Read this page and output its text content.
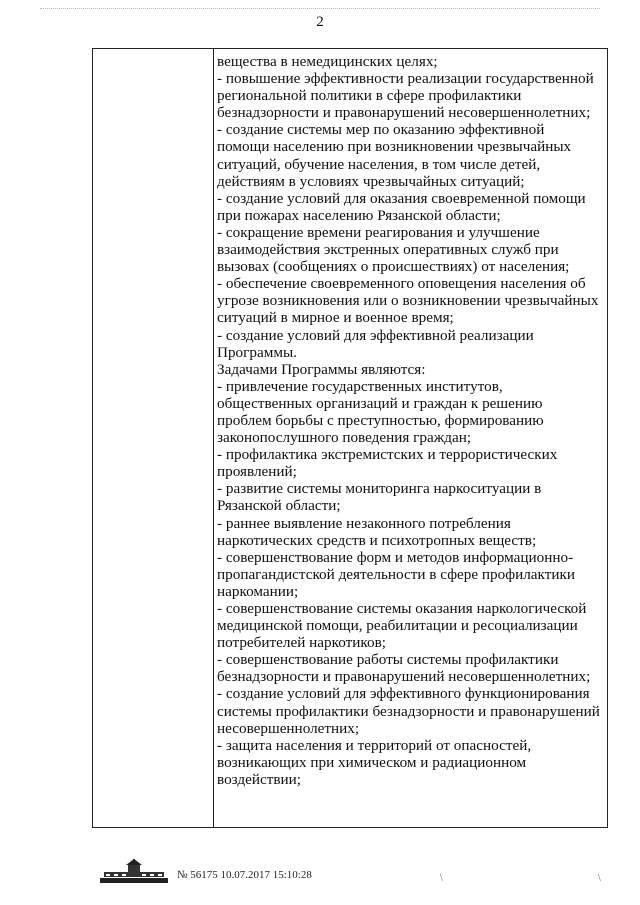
2
вещества в немедицинских целях;
- повышение эффективности реализации государственной
региональной политики в сфере профилактики
безнадзорности и правонарушений несовершеннолетних;
- создание системы мер по оказанию эффективной
помощи населению при возникновении чрезвычайных
ситуаций, обучение населения, в том числе детей,
действиям в условиях чрезвычайных ситуаций;
- создание условий для оказания своевременной помощи
при пожарах населению Рязанской области;
- сокращение времени реагирования и улучшение
взаимодействия экстренных оперативных служб при
вызовах (сообщениях о происшествиях) от населения;
- обеспечение своевременного оповещения населения об
угрозе возникновения или о возникновении чрезвычайных
ситуаций в мирное и военное время;
- создание условий для эффективной реализации
Программы.
Задачами Программы являются:
- привлечение государственных институтов,
общественных организаций и граждан к решению
проблем борьбы с преступностью, формированию
законопослушного поведения граждан;
- профилактика экстремистских и террористических
проявлений;
- развитие системы мониторинга наркоситуации в
Рязанской области;
- раннее выявление незаконного потребления
наркотических средств и психотропных веществ;
- совершенствование форм и методов информационно-
пропагандистской деятельности в сфере профилактики
наркомании;
- совершенствование системы оказания наркологической
медицинской помощи, реабилитации и ресоциализации
потребителей наркотиков;
- совершенствование работы системы профилактики
безнадзорности и правонарушений несовершеннолетних;
- создание условий для эффективного функционирования
системы профилактики безнадзорности и правонарушений
несовершеннолетних;
- защита населения и территорий от опасностей,
возникающих при химическом и радиационном
воздействии;
№ 56175 10.07.2017 15:10:28	\	\
